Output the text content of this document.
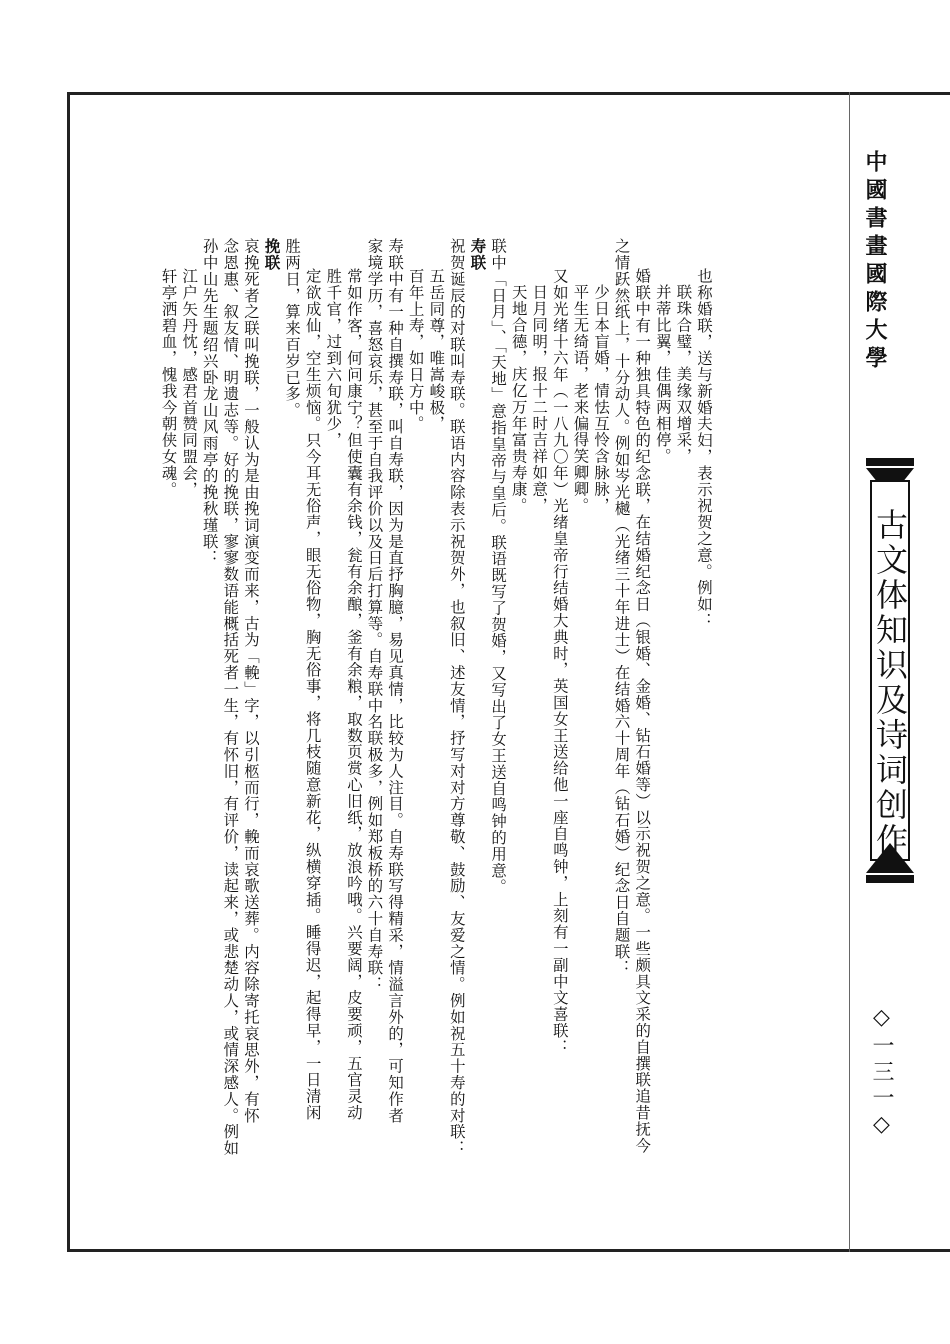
中國書畫國際大學
古文体知识及诗词创作
◇一三一◇

也称婚联，送与新婚夫妇，表示祝贺之意。例如：

联珠合璧，美缘双增采，

并蒂比翼，佳偶两相停。

婚联中有一种独具特色的纪念联，在结婚纪念日（银婚、金婚、钻石婚等）以示祝贺之意。一些颇具文采的自撰联追昔抚今

之情跃然纸上，十分动人。例如岑光樾（光绪三十年进士）在结婚六十周年（钻石婚）纪念日自题联：

少日本盲婚，情怯互怜含脉脉，

平生无绮语，老来偏得笑卿卿。

又如光绪十六年（一八九〇年）光绪皇帝行结婚大典时，英国女王送给他一座自鸣钟，上刻有一副中文喜联：

日月同明，报十二时吉祥如意，

天地合德，庆亿万年富贵寿康。

联中「日月」、「天地」意指皇帝与皇后。联语既写了贺婚，又写出了女王送自鸣钟的用意。

寿联

祝贺诞辰的对联叫寿联。联语内容除表示祝贺外，也叙旧、述友情，抒写对对方尊敬、鼓励、友爱之情。例如祝五十寿的对联：

五岳同尊，唯嵩峻极，

百年上寿，如日方中。

寿联中有一种自撰寿联，叫自寿联，因为是直抒胸臆，易见真情，比较为人注目。自寿联写得精采，情溢言外的，可知作者

家境学历，喜怒哀乐，甚至于自我评价以及日后打算等。自寿联中名联极多，例如郑板桥的六十自寿联：

常如作客，何问康宁？但使囊有余钱，瓮有余酿，釜有余粮，取数页赏心旧纸，放浪吟哦。兴要阔，皮要顽，五官灵动

胜千官，过到六旬犹少，

定欲成仙，空生烦恼。只今耳无俗声，眼无俗物，胸无俗事，将几枝随意新花，纵横穿插。睡得迟，起得早，一日清闲

胜两日，算来百岁已多。

挽联

哀挽死者之联叫挽联，一般认为是由挽词演变而来，古为「輓」字，以引柩而行，輓而哀歌送葬。内容除寄托哀思外，有怀

念恩惠、叙友情、明遗志等。好的挽联，寥寥数语能概括死者一生，有怀旧，有评价，读起来，或悲楚动人，或情深感人。例如

孙中山先生题绍兴卧龙山风雨亭的挽秋瑾联：

江户矢丹忱，感君首赞同盟会，

轩亭洒碧血，愧我今朝侠女魂。
